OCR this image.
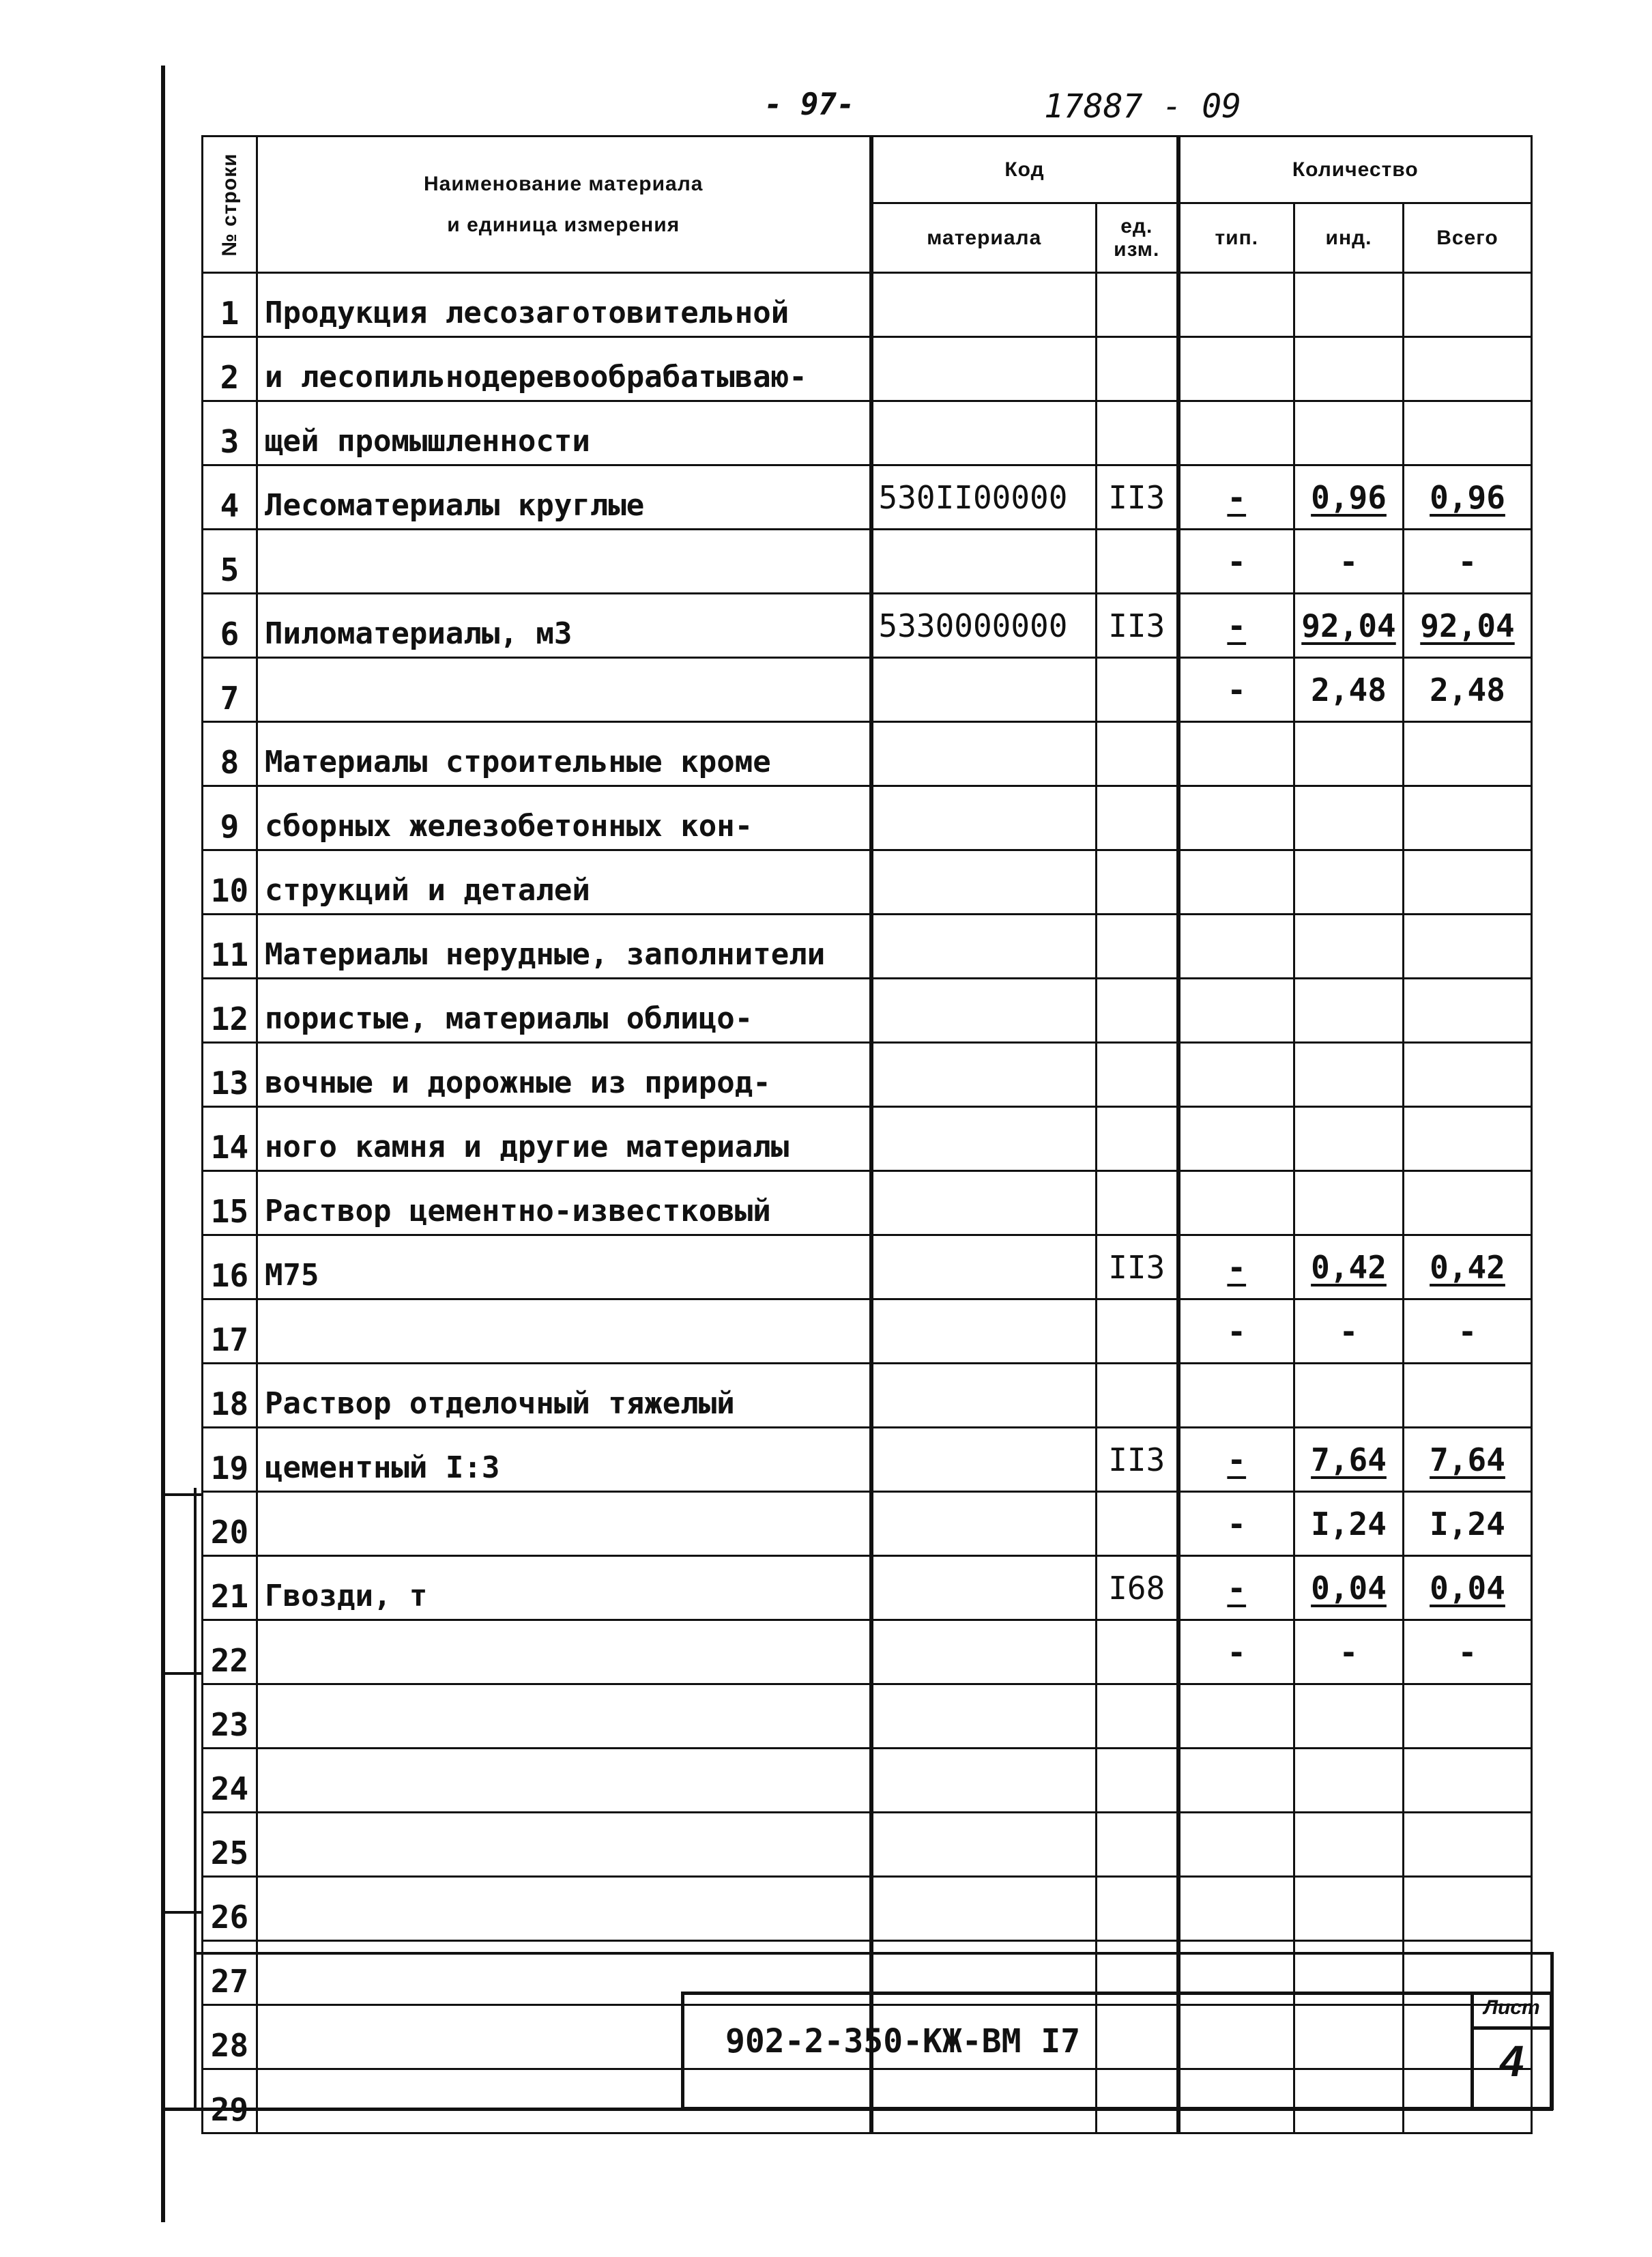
- 97-	17887 - 09
№ строки	Наименование материала
и единица измерения	Код		Количество		
		материала	ед. изм.	тип.	инд.	Всего
1	Продукция лесозаготовительной					
2	и лесопильнодеревообрабатываю-					
3	щей промышленности					
4	Лесоматериалы круглые	530II00000	II3	-	0,96	0,96
5				-	-	-
6	Пиломатериалы, м3	5330000000	II3	-	92,04	92,04
7				-	2,48	2,48
8	Материалы строительные кроме					
9	сборных железобетонных кон-					
10	струкций и деталей					
11	Материалы нерудные, заполнители					
12	пористые, материалы облицо-					
13	вочные и дорожные из природ-					
14	ного камня и другие материалы					
15	Раствор цементно-известковый					
16	М75		II3	-	0,42	0,42
17				-	-	-
18	Раствор отделочный тяжелый					
19	цементный I:3		II3	-	7,64	7,64
20				-	I,24	I,24
21	Гвозди, т		I68	-	0,04	0,04
22				-	-	-
23						
24						
25						
26						
27						
28						
29						
902-2-350-КЖ-ВМ I7
Лист
4
